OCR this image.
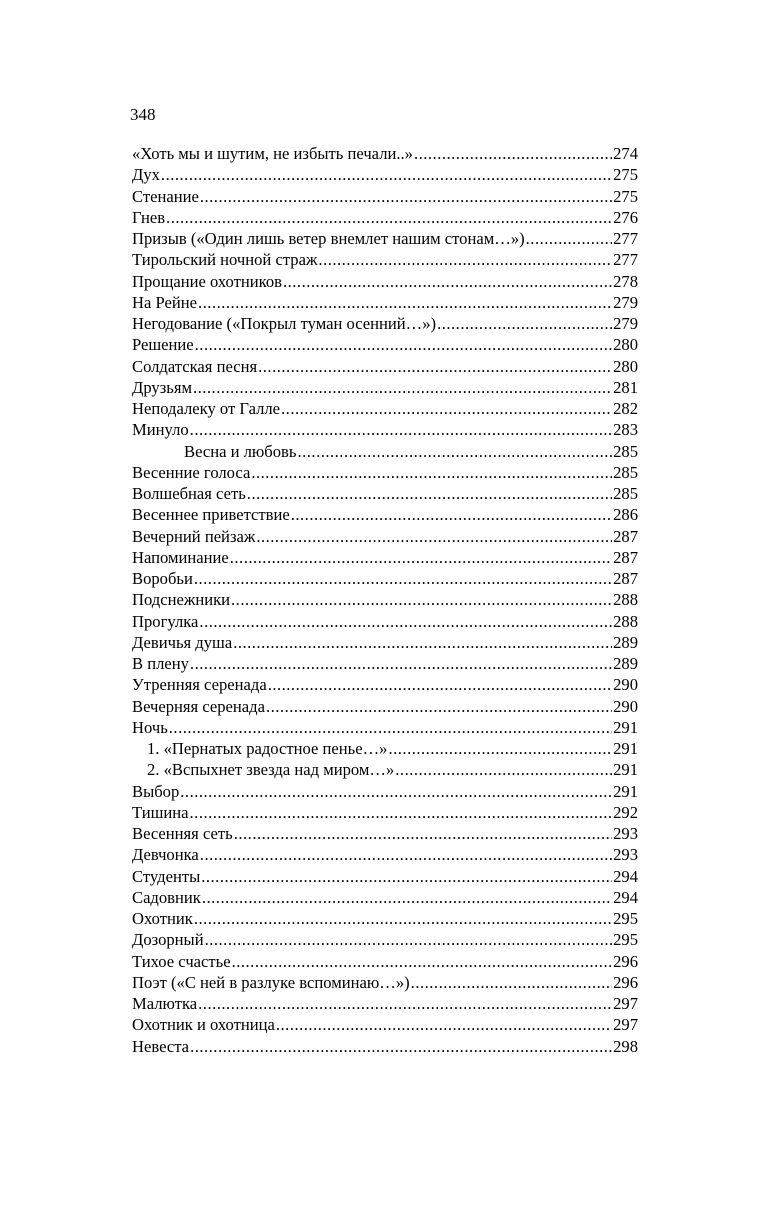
348
«Хоть мы и шутим, не избыть печали..» .....	274
Дух .....	275
Стенание .....	275
Гнев .....	276
Призыв («Один лишь ветер внемлет нашим стонам…») .....	277
Тирольский ночной страж .....	277
Прощание охотников .....	278
На Рейне .....	279
Негодование («Покрыл туман осенний…») .....	279
Решение .....	280
Солдатская песня .....	280
Друзьям .....	281
Неподалеку от Галле .....	282
Минуло .....	283
Весна и любовь .....	285
Весенние голоса .....	285
Волшебная сеть .....	285
Весеннее приветствие .....	286
Вечерний пейзаж .....	287
Напоминание .....	287
Воробьи .....	287
Подснежники .....	288
Прогулка .....	288
Девичья душа .....	289
В плену .....	289
Утренняя серенада .....	290
Вечерняя серенада .....	290
Ночь .....	291
1. «Пернатых радостное пенье…» .....	291
2. «Вспыхнет звезда над миром…» .....	291
Выбор .....	291
Тишина .....	292
Весенняя сеть .....	293
Девчонка .....	293
Студенты .....	294
Садовник .....	294
Охотник .....	295
Дозорный .....	295
Тихое счастье .....	296
Поэт («С ней в разлуке вспоминаю…») .....	296
Малютка .....	297
Охотник и охотница .....	297
Невеста .....	298
